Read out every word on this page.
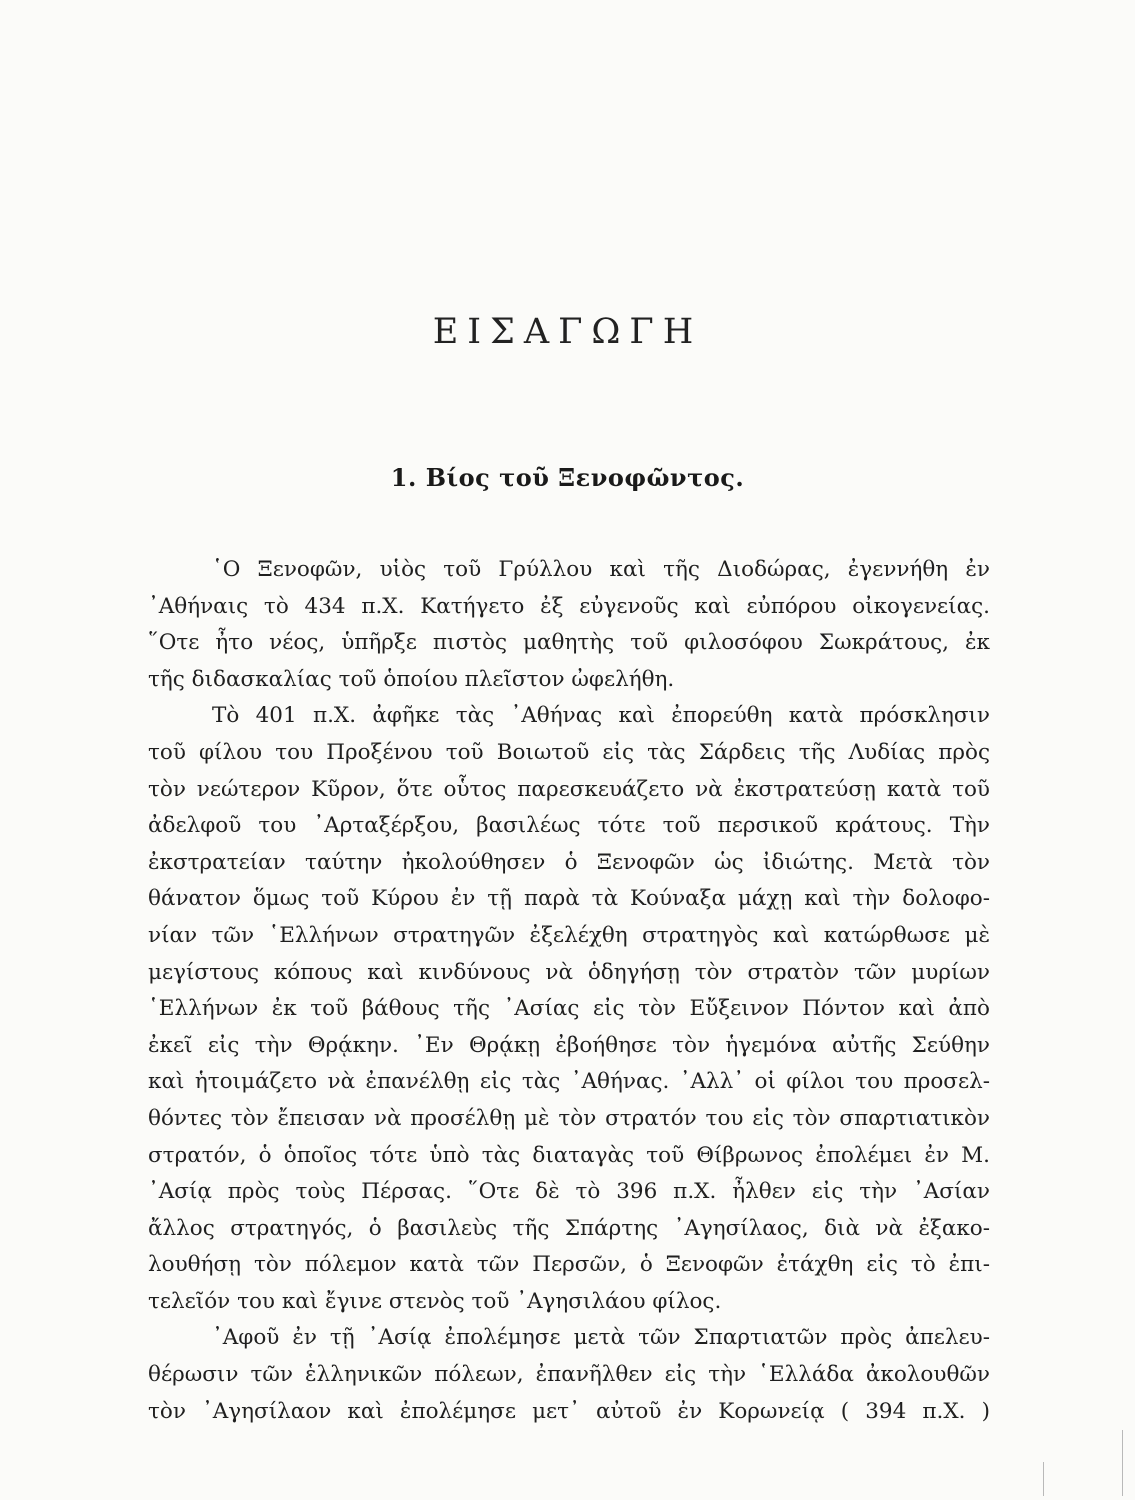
ΕΙΣΑΓΩΓΗ
1. Βίος τοῦ Ξενοφῶντος.
῾Ο Ξενοφῶν, υἱὸς τοῦ Γρύλλου καὶ τῆς Διοδώρας, ἐγεννήθη ἐν
᾿Αθήναις τὸ 434 π.Χ. Κατήγετο ἐξ εὐγενοῦς καὶ εὐπόρου οἰκογενείας.
῞Οτε ἦτο νέος, ὑπῆρξε πιστὸς μαθητὴς τοῦ φιλοσόφου Σωκράτους, ἐκ
τῆς διδασκαλίας τοῦ ὁποίου πλεῖστον ὠφελήθη.
Τὸ 401 π.Χ. ἀφῆκε τὰς ᾿Αθήνας καὶ ἐπορεύθη κατὰ πρόσκλησιν
τοῦ φίλου του Προξένου τοῦ Βοιωτοῦ εἰς τὰς Σάρδεις τῆς Λυδίας πρὸς
τὸν νεώτερον Κῦρον, ὅτε οὗτος παρεσκευάζετο νὰ ἐκστρατεύσῃ κατὰ τοῦ
ἀδελφοῦ του ᾿Αρταξέρξου, βασιλέως τότε τοῦ περσικοῦ κράτους. Τὴν
ἐκστρατείαν ταύτην ἠκολούθησεν ὁ Ξενοφῶν ὡς ἰδιώτης. Μετὰ τὸν
θάνατον ὅμως τοῦ Κύρου ἐν τῇ παρὰ τὰ Κούναξα μάχῃ καὶ τὴν δολοφο-
νίαν τῶν ῾Ελλήνων στρατηγῶν ἐξελέχθη στρατηγὸς καὶ κατώρθωσε μὲ
μεγίστους κόπους καὶ κινδύνους νὰ ὁδηγήσῃ τὸν στρατὸν τῶν μυρίων
῾Ελλήνων ἐκ τοῦ βάθους τῆς ᾿Ασίας εἰς τὸν Εὔξεινον Πόντον καὶ ἀπὸ
ἐκεῖ εἰς τὴν Θρᾴκην. ᾿Εν Θρᾴκῃ ἐβοήθησε τὸν ἡγεμόνα αὐτῆς Σεύθην
καὶ ἡτοιμάζετο νὰ ἐπανέλθῃ εἰς τὰς ᾿Αθήνας. ᾿Αλλ᾿ οἱ φίλοι του προσελ-
θόντες τὸν ἔπεισαν νὰ προσέλθῃ μὲ τὸν στρατόν του εἰς τὸν σπαρτιατικὸν
στρατόν, ὁ ὁποῖος τότε ὑπὸ τὰς διαταγὰς τοῦ Θίβρωνος ἐπολέμει ἐν Μ.
᾿Ασίᾳ πρὸς τοὺς Πέρσας. ῞Οτε δὲ τὸ 396 π.Χ. ἦλθεν εἰς τὴν ᾿Ασίαν
ἄλλος στρατηγός, ὁ βασιλεὺς τῆς Σπάρτης ᾿Αγησίλαος, διὰ νὰ ἐξακο-
λουθήσῃ τὸν πόλεμον κατὰ τῶν Περσῶν, ὁ Ξενοφῶν ἐτάχθη εἰς τὸ ἐπι-
τελεῖόν του καὶ ἔγινε στενὸς τοῦ ᾿Αγησιλάου φίλος.
᾿Αφοῦ ἐν τῇ ᾿Ασίᾳ ἐπολέμησε μετὰ τῶν Σπαρτιατῶν πρὸς ἀπελευ-
θέρωσιν τῶν ἑλληνικῶν πόλεων, ἐπανῆλθεν εἰς τὴν ῾Ελλάδα ἀκολουθῶν
τὸν ᾿Αγησίλαον καὶ ἐπολέμησε μετ᾿ αὐτοῦ ἐν Κορωνείᾳ ( 394 π.Χ. )
